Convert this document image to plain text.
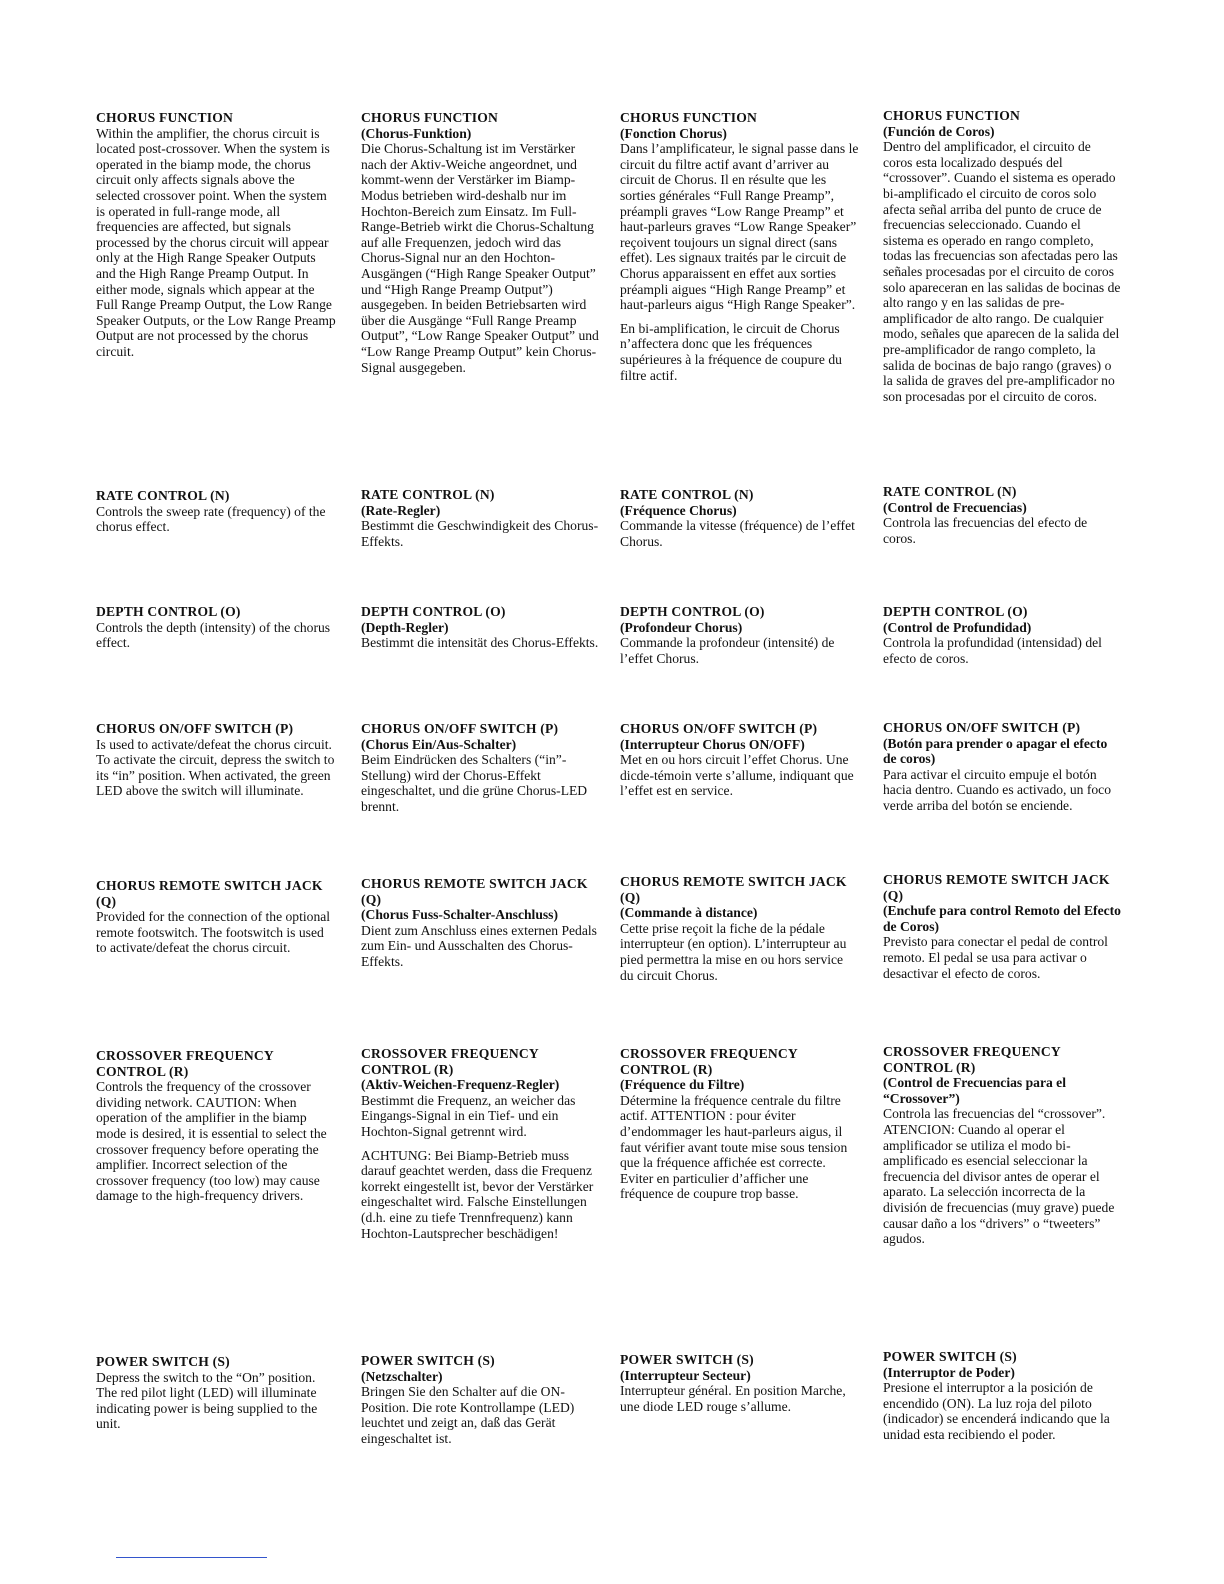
CHORUS FUNCTION

Within the amplifier, the chorus circuit is located post-crossover. When the system is operated in the biamp mode, the chorus circuit only affects signals above the selected crossover point. When the system is operated in full-range mode, all frequencies are affected, but signals processed by the chorus circuit will appear only at the High Range Speaker Outputs and the High Range Preamp Output. In either mode, signals which appear at the Full Range Preamp Output, the Low Range Speaker Outputs, or the Low Range Preamp Output are not processed by the chorus circuit.

CHORUS FUNCTION
(Chorus-Funktion)

Die Chorus-Schaltung ist im Verstärker nach der Aktiv-Weiche angeordnet, und kommt-wenn der Verstärker im Biamp-Modus betrieben wird-deshalb nur im Hochton-Bereich zum Einsatz. Im Full-Range-Betrieb wirkt die Chorus-Schaltung auf alle Frequenzen, jedoch wird das Chorus-Signal nur an den Hochton-Ausgängen (“High Range Speaker Output” und “High Range Preamp Output”) ausgegeben. In beiden Betriebsarten wird über die Ausgänge “Full Range Preamp Output”, “Low Range Speaker Output” und “Low Range Preamp Output” kein Chorus-Signal ausgegeben.

CHORUS FUNCTION
(Fonction Chorus)

Dans l’amplificateur, le signal passe dans le circuit du filtre actif avant d’arriver au circuit de Chorus. Il en résulte que les sorties générales “Full Range Preamp”, préampli graves “Low Range Preamp” et haut-parleurs graves “Low Range Speaker” reçoivent toujours un signal direct (sans effet). Les signaux traités par le circuit de Chorus apparaissent en effet aux sorties préampli aigues “High Range Preamp” et haut-parleurs aigus “High Range Speaker”.

En bi-amplification, le circuit de Chorus n’affectera donc que les fréquences supérieures à la fréquence de coupure du filtre actif.

CHORUS FUNCTION
(Función de Coros)

Dentro del amplificador, el circuito de coros esta localizado después del “crossover”. Cuando el sistema es operado bi-amplificado el circuito de coros solo afecta señal arriba del punto de cruce de frecuencias seleccionado. Cuando el sistema es operado en rango completo, todas las frecuencias son afectadas pero las señales procesadas por el circuito de coros solo apareceran en las salidas de bocinas de alto rango y en las salidas de pre-amplificador de alto rango. De cualquier modo, señales que aparecen de la salida del pre-amplificador de rango completo, la salida de bocinas de bajo rango (graves) o la salida de graves del pre-amplificador no son procesadas por el circuito de coros.

RATE CONTROL (N)

Controls the sweep rate (frequency) of the chorus effect.

RATE CONTROL (N)
(Rate-Regler)

Bestimmt die Geschwindigkeit des Chorus-Effekts.

RATE CONTROL (N)
(Fréquence Chorus)

Commande la vitesse (fréquence) de l’effet Chorus.

RATE CONTROL (N)
(Control de Frecuencias)

Controla las frecuencias del efecto de coros.

DEPTH CONTROL (O)

Controls the depth (intensity) of the chorus effect.

DEPTH CONTROL (O)
(Depth-Regler)

Bestimmt die intensität des Chorus-Effekts.

DEPTH CONTROL (O)
(Profondeur Chorus)

Commande la profondeur (intensité) de l’effet Chorus.

DEPTH CONTROL (O)
(Control de Profundidad)

Controla la profundidad (intensidad) del efecto de coros.

CHORUS ON/OFF SWITCH (P)

Is used to activate/defeat the chorus circuit. To activate the circuit, depress the switch to its “in” position. When activated, the green LED above the switch will illuminate.

CHORUS ON/OFF SWITCH (P)
(Chorus Ein/Aus-Schalter)

Beim Eindrücken des Schalters (“in”-Stellung) wird der Chorus-Effekt eingeschaltet, und die grüne Chorus-LED brennt.

CHORUS ON/OFF SWITCH (P)
(Interrupteur Chorus ON/OFF)

Met en ou hors circuit l’effet Chorus. Une dicde-témoin verte s’allume, indiquant que l’effet est en service.

CHORUS ON/OFF SWITCH (P)
(Botón para prender o apagar el efecto de coros)

Para activar el circuito empuje el botón hacia dentro. Cuando es activado, un foco verde arriba del botón se enciende.

CHORUS REMOTE SWITCH JACK (Q)

Provided for the connection of the optional remote footswitch. The footswitch is used to activate/defeat the chorus circuit.

CHORUS REMOTE SWITCH JACK (Q)
(Chorus Fuss-Schalter-Anschluss)

Dient zum Anschluss eines externen Pedals zum Ein- und Ausschalten des Chorus-Effekts.

CHORUS REMOTE SWITCH JACK (Q)
(Commande à distance)

Cette prise reçoit la fiche de la pédale interrupteur (en option). L’interrupteur au pied permettra la mise en ou hors service du circuit Chorus.

CHORUS REMOTE SWITCH JACK (Q)
(Enchufe para control Remoto del Efecto de Coros)

Previsto para conectar el pedal de control remoto. El pedal se usa para activar o desactivar el efecto de coros.

CROSSOVER FREQUENCY CONTROL (R)

Controls the frequency of the crossover dividing network. CAUTION: When operation of the amplifier in the biamp mode is desired, it is essential to select the crossover frequency before operating the amplifier. Incorrect selection of the crossover frequency (too low) may cause damage to the high-frequency drivers.

CROSSOVER FREQUENCY CONTROL (R)
(Aktiv-Weichen-Frequenz-Regler)

Bestimmt die Frequenz, an weicher das Eingangs-Signal in ein Tief- und ein Hochton-Signal getrennt wird.

ACHTUNG: Bei Biamp-Betrieb muss darauf geachtet werden, dass die Frequenz korrekt eingestellt ist, bevor der Verstärker eingeschaltet wird. Falsche Einstellungen (d.h. eine zu tiefe Trennfrequenz) kann Hochton-Lautsprecher beschädigen!

CROSSOVER FREQUENCY CONTROL (R)
(Fréquence du Filtre)

Détermine la fréquence centrale du filtre actif. ATTENTION : pour éviter d’endommager les haut-parleurs aigus, il faut vérifier avant toute mise sous tension que la fréquence affichée est correcte. Eviter en particulier d’afficher une fréquence de coupure trop basse.

CROSSOVER FREQUENCY CONTROL (R)
(Control de Frecuencias para el “Crossover”)

Controla las frecuencias del “crossover”. ATENCION: Cuando al operar el amplificador se utiliza el modo bi-amplificado es esencial seleccionar la frecuencia del divisor antes de operar el aparato. La selección incorrecta de la división de frecuencias (muy grave) puede causar daño a los “drivers” o “tweeters” agudos.

POWER SWITCH (S)

Depress the switch to the “On” position. The red pilot light (LED) will illuminate indicating power is being supplied to the unit.

POWER SWITCH (S)
(Netzschalter)

Bringen Sie den Schalter auf die ON-Position. Die rote Kontrollampe (LED) leuchtet und zeigt an, daß das Gerät eingeschaltet ist.

POWER SWITCH (S)
(Interrupteur Secteur)

Interrupteur général. En position Marche, une diode LED rouge s’allume.

POWER SWITCH (S)
(Interruptor de Poder)

Presione el interruptor a la posición de encendido (ON). La luz roja del piloto (indicador) se encenderá indicando que la unidad esta recibiendo el poder.
